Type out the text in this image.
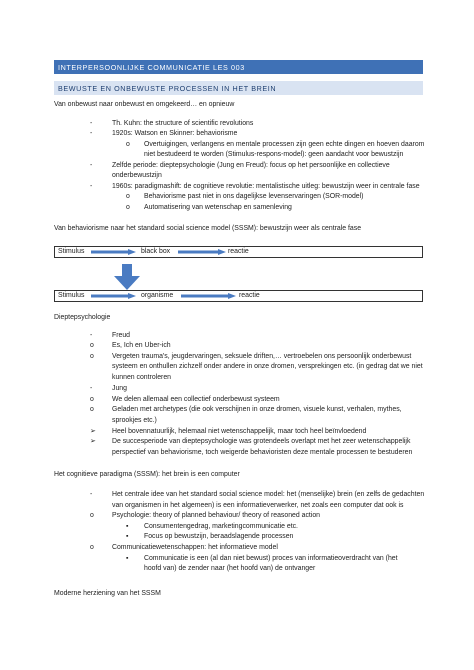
INTERPERSOONLIJKE COMMUNICATIE LES 003
BEWUSTE EN ONBEWUSTE PROCESSEN IN HET BREIN
Van onbewust naar onbewust en omgekeerd… en opnieuw
-	Th. Kuhn: the structure of scientific revolutions
-	1920s: Watson en Skinner: behaviorisme
o Overtuigingen, verlangens en mentale processen zijn geen echte dingen en hoeven daarom
niet bestudeerd te worden (Stimulus-respons-model): geen aandacht voor bewustzijn
-	Zelfde periode: dieptepsychologie (Jung en Freud): focus op het persoonlijke en collectieve
onderbewustzijn
-	1960s: paradigmashift: de cognitieve revolutie: mentalistische uitleg: bewustzijn weer in centrale fase
o Behaviorisme past niet in ons dagelijkse levenservaringen (SOR-model)
o Automatisering van wetenschap en samenleving
Van behaviorisme naar het standard social science model (SSSM): bewustzijn weer als centrale fase
Stimulus	black box	reactie
Stimulus	organisme	reactie
Dieptepsychologie
-	Freud
o	Es, Ich en Uber-ich
o	Vergeten trauma's, jeugdervaringen, seksuele driften,… vertroebelen ons persoonlijk onderbewust
systeem en onthullen zichzelf onder andere in onze dromen, versprekingen etc. (in gedrag dat we niet
kunnen controleren
-	Jung
o	We delen allemaal een collectief onderbewust systeem
o	Geladen met archetypes (die ook verschijnen in onze dromen, visuele kunst, verhalen, mythes,
sprookjes etc.)
➢ Heel bovennatuurlijk, helemaal niet wetenschappelijk, maar toch heel beïnvloedend
➢ De succesperiode van dieptepsychologie was grotendeels overlapt met het zeer wetenschappelijk
perspectief van behaviorisme, toch weigerde behavioristen deze mentale processen te bestuderen
Het cognitieve paradigma (SSSM): het brein is een computer
-	Het centrale idee van het standard social science model: het (menselijke) brein (en zelfs de gedachten
van organismen in het algemeen) is een informatieverwerker, net zoals een computer dat ook is
o	Psychologie: theory of planned behaviour/ theory of reasoned action
▪ Consumentengedrag, marketingcommunicatie etc.
▪ Focus op bewustzijn, beraadslagende processen
o	Communicatiewetenschappen: het informatieve model
▪ Communicatie is een (al dan niet bewust) proces van informatieoverdracht van (het
hoofd van) de zender naar (het hoofd van) de ontvanger
Moderne herziening van het SSSM
